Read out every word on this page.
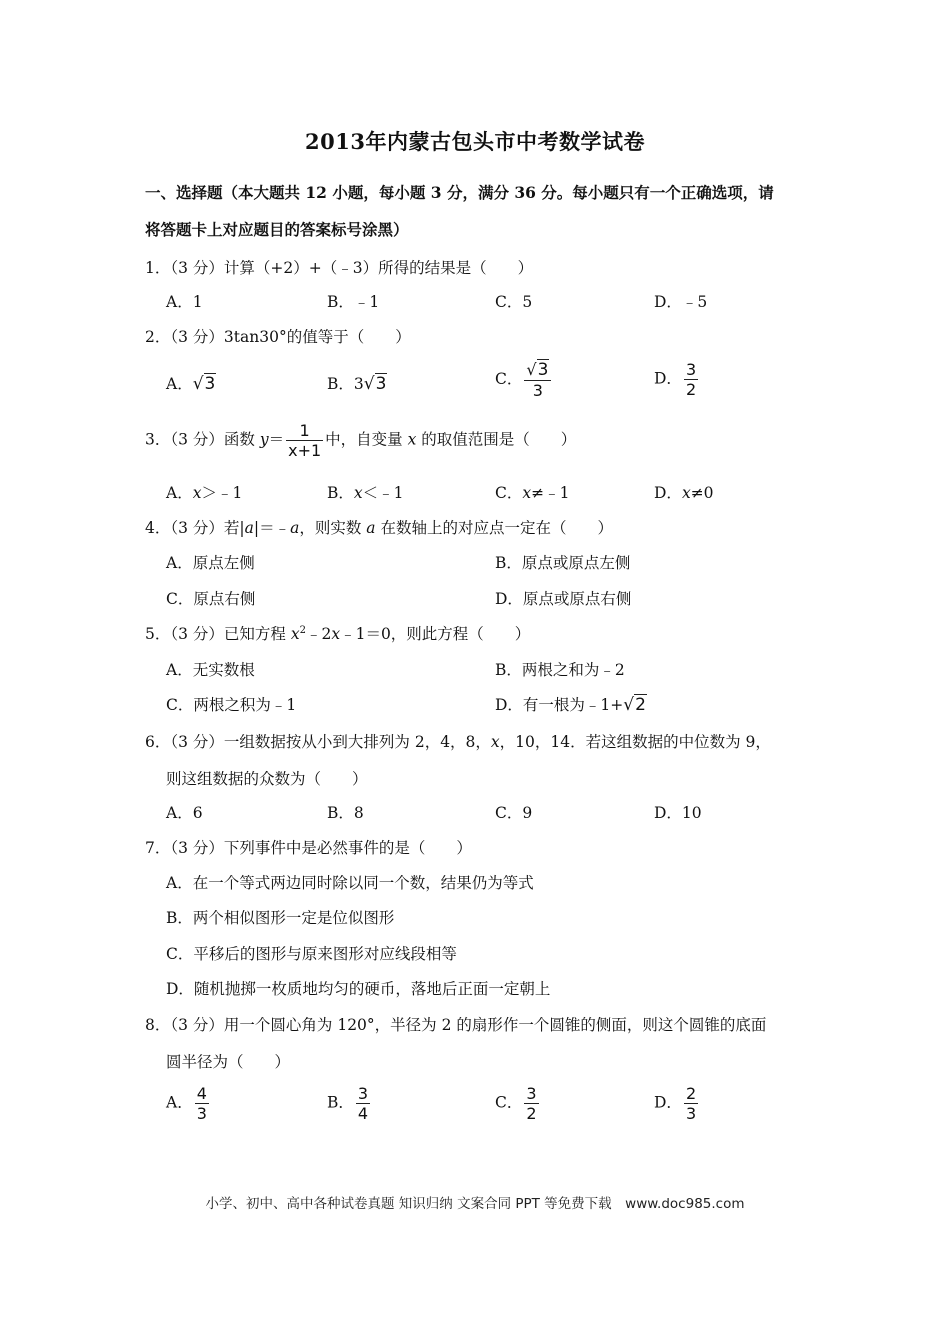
2013年内蒙古包头市中考数学试卷
一、选择题（本大题共 12 小题，每小题 3 分，满分 36 分。每小题只有一个正确选项，请
将答题卡上对应题目的答案标号涂黑）
1．（3 分）计算（+2）+（﹣3）所得的结果是（　　）
A．1	B．﹣1	C．5	D．﹣5
2．（3 分）3tan30°的值等于（　　）
A．√3	B．3√3	C． $\frac{√3}{3}$	D． $\frac{3}{2}$
3．（3 分）函数 $y= \frac{1}{x+1}$ 中，自变量 x 的取值范围是（　　）
A．x＞﹣1	B．x＜﹣1	C．x≠﹣1	D．x≠0
4．（3 分）若|a|＝﹣a，则实数 a 在数轴上的对应点一定在（　　）
A．原点左侧	B．原点或原点左侧
C．原点右侧	D．原点或原点右侧
5．（3 分）已知方程 $x^2﹣2x﹣1=0$，则此方程（　　）
A．无实数根	B．两根之和为﹣2
C．两根之积为﹣1	D．有一根为﹣1+√2
6．（3 分）一组数据按从小到大排列为 2，4，8，x，10，14．若这组数据的中位数为 9，
则这组数据的众数为（　　）
A．6	B．8	C．9	D．10
7．（3 分）下列事件中是必然事件的是（　　）
A．在一个等式两边同时除以同一个数，结果仍为等式
B．两个相似图形一定是位似图形
C．平移后的图形与原来图形对应线段相等
D．随机抛掷一枚质地均匀的硬币，落地后正面一定朝上
8．（3 分）用一个圆心角为 120°，半径为 2 的扇形作一个圆锥的侧面，则这个圆锥的底面
圆半径为（　　）
A． $\frac{4}{3}$	B． $\frac{3}{4}$	C． $\frac{3}{2}$	D． $\frac{2}{3}$
小学、初中、高中各种试卷真题 知识归纳 文案合同 PPT 等免费下载　www.doc985.com
